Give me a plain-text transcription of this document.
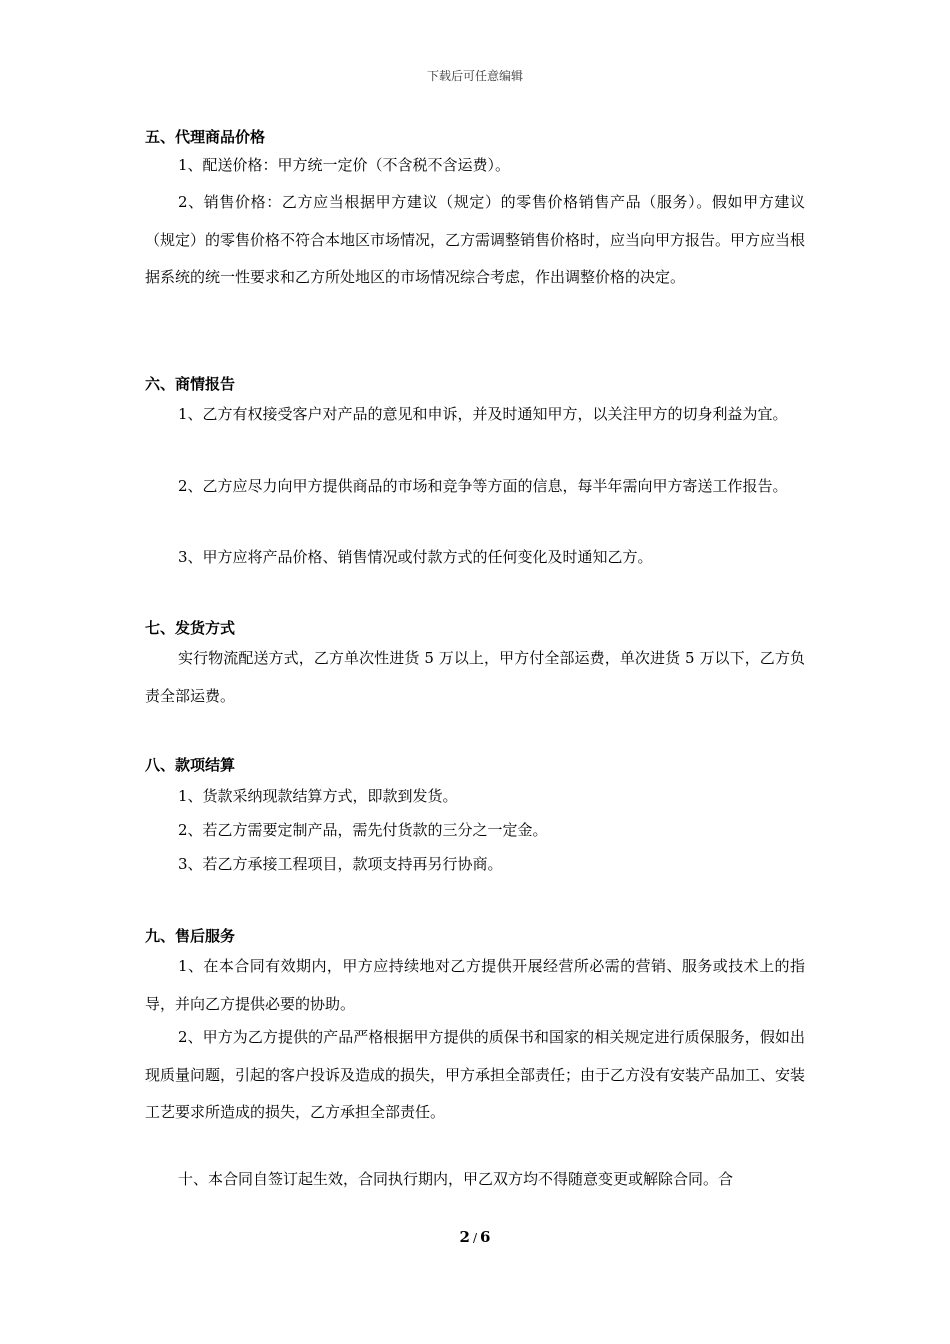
下载后可任意编辑
五、代理商品价格
1、配送价格：甲方统一定价（不含税不含运费）。
2、销售价格：乙方应当根据甲方建议（规定）的零售价格销售产品（服务）。假如甲方建议（规定）的零售价格不符合本地区市场情况，乙方需调整销售价格时，应当向甲方报告。甲方应当根据系统的统一性要求和乙方所处地区的市场情况综合考虑，作出调整价格的决定。
六、商情报告
1、乙方有权接受客户对产品的意见和申诉，并及时通知甲方，以关注甲方的切身利益为宜。
2、乙方应尽力向甲方提供商品的市场和竞争等方面的信息，每半年需向甲方寄送工作报告。
3、甲方应将产品价格、销售情况或付款方式的任何变化及时通知乙方。
七、发货方式
实行物流配送方式，乙方单次性进货 5 万以上，甲方付全部运费，单次进货 5 万以下，乙方负责全部运费。
八、款项结算
1、货款采纳现款结算方式，即款到发货。
2、若乙方需要定制产品，需先付货款的三分之一定金。
3、若乙方承接工程项目，款项支持再另行协商。
九、售后服务
1、在本合同有效期内，甲方应持续地对乙方提供开展经营所必需的营销、服务或技术上的指导，并向乙方提供必要的协助。
2、甲方为乙方提供的产品严格根据甲方提供的质保书和国家的相关规定进行质保服务，假如出现质量问题，引起的客户投诉及造成的损失，甲方承担全部责任；由于乙方没有安装产品加工、安装工艺要求所造成的损失，乙方承担全部责任。
十、本合同自签订起生效，合同执行期内，甲乙双方均不得随意变更或解除合同。合
2 / 6
